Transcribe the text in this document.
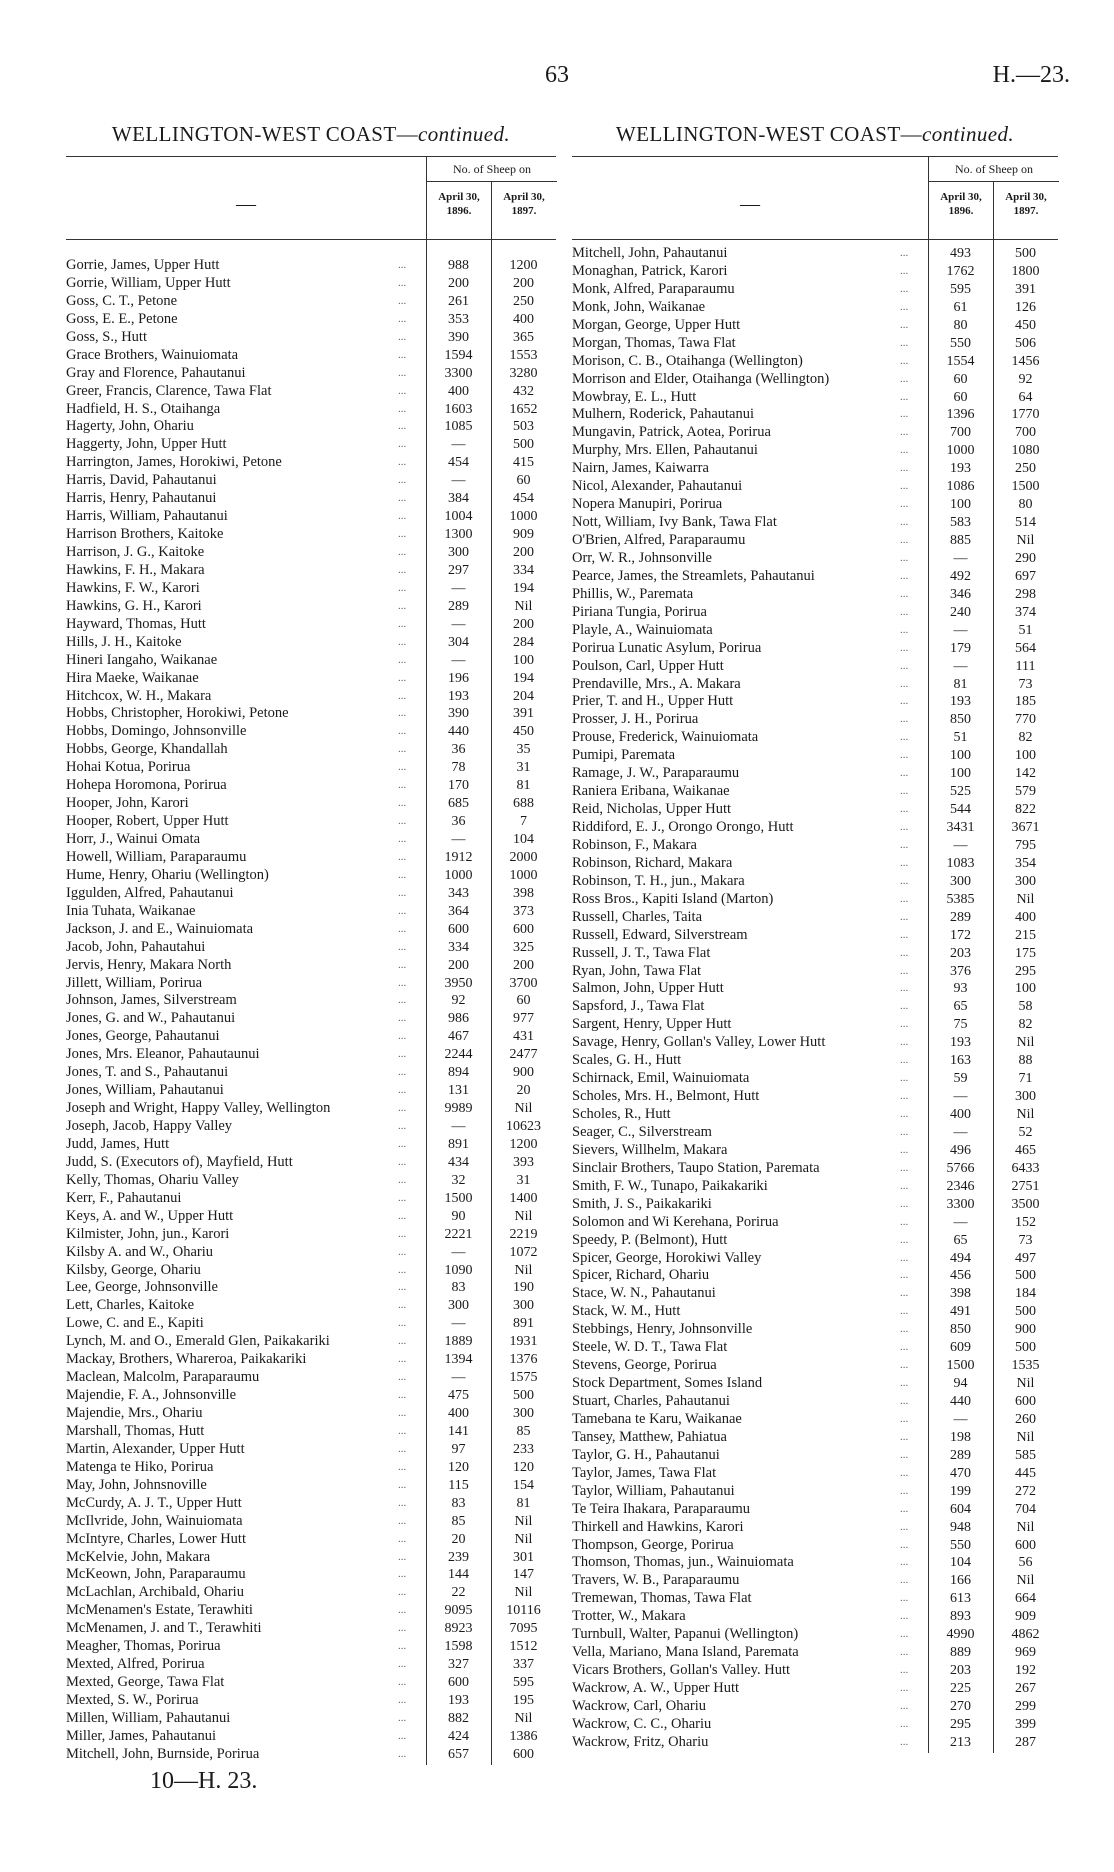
63	H.—23.
WELLINGTON-WEST COAST—continued.
—
No. of Sheep on
April 30, 1896.
April 30, 1897.
Gorrie, James, Upper Hutt	...	988	1200
Gorrie, William, Upper Hutt	...	200	200
Goss, C. T., Petone	...	261	250
Goss, E. E., Petone	...	353	400
Goss, S., Hutt	...	390	365
Grace Brothers, Wainuiomata	...	1594	1553
Gray and Florence, Pahautanui	...	3300	3280
Greer, Francis, Clarence, Tawa Flat	...	400	432
Hadfield, H. S., Otaihanga	...	1603	1652
Hagerty, John, Ohariu	...	1085	503
Haggerty, John, Upper Hutt	...	—	500
Harrington, James, Horokiwi, Petone	...	454	415
Harris, David, Pahautanui	...	—	60
Harris, Henry, Pahautanui	...	384	454
Harris, William, Pahautanui	...	1004	1000
Harrison Brothers, Kaitoke	...	1300	909
Harrison, J. G., Kaitoke	...	300	200
Hawkins, F. H., Makara	...	297	334
Hawkins, F. W., Karori	...	—	194
Hawkins, G. H., Karori	...	289	Nil
Hayward, Thomas, Hutt	...	—	200
Hills, J. H., Kaitoke	...	304	284
Hineri Iangaho, Waikanae	...	—	100
Hira Maeke, Waikanae	...	196	194
Hitchcox, W. H., Makara	...	193	204
Hobbs, Christopher, Horokiwi, Petone	...	390	391
Hobbs, Domingo, Johnsonville	...	440	450
Hobbs, George, Khandallah	...	36	35
Hohai Kotua, Porirua	...	78	31
Hohepa Horomona, Porirua	...	170	81
Hooper, John, Karori	...	685	688
Hooper, Robert, Upper Hutt	...	36	7
Horr, J., Wainui Omata	...	—	104
Howell, William, Paraparaumu	...	1912	2000
Hume, Henry, Ohariu (Wellington)	...	1000	1000
Iggulden, Alfred, Pahautanui	...	343	398
Inia Tuhata, Waikanae	...	364	373
Jackson, J. and E., Wainuiomata	...	600	600
Jacob, John, Pahautahui	...	334	325
Jervis, Henry, Makara North	...	200	200
Jillett, William, Porirua	...	3950	3700
Johnson, James, Silverstream	...	92	60
Jones, G. and W., Pahautanui	...	986	977
Jones, George, Pahautanui	...	467	431
Jones, Mrs. Eleanor, Pahautaunui	...	2244	2477
Jones, T. and S., Pahautanui	...	894	900
Jones, William, Pahautanui	...	131	20
Joseph and Wright, Happy Valley, Wellington	...	9989	Nil
Joseph, Jacob, Happy Valley	...	—	10623
Judd, James, Hutt	...	891	1200
Judd, S. (Executors of), Mayfield, Hutt	...	434	393
Kelly, Thomas, Ohariu Valley	...	32	31
Kerr, F., Pahautanui	...	1500	1400
Keys, A. and W., Upper Hutt	...	90	Nil
Kilmister, John, jun., Karori	...	2221	2219
Kilsby A. and W., Ohariu	...	—	1072
Kilsby, George, Ohariu	...	1090	Nil
Lee, George, Johnsonville	...	83	190
Lett, Charles, Kaitoke	...	300	300
Lowe, C. and E., Kapiti	...	—	891
Lynch, M. and O., Emerald Glen, Paikakariki	...	1889	1931
Mackay, Brothers, Whareroa, Paikakariki	...	1394	1376
Maclean, Malcolm, Paraparaumu	...	—	1575
Majendie, F. A., Johnsonville	...	475	500
Majendie, Mrs., Ohariu	...	400	300
Marshall, Thomas, Hutt	...	141	85
Martin, Alexander, Upper Hutt	...	97	233
Matenga te Hiko, Porirua	...	120	120
May, John, Johnsnoville	...	115	154
McCurdy, A. J. T., Upper Hutt	...	83	81
McIlvride, John, Wainuiomata	...	85	Nil
McIntyre, Charles, Lower Hutt	...	20	Nil
McKelvie, John, Makara	...	239	301
McKeown, John, Paraparaumu	...	144	147
McLachlan, Archibald, Ohariu	...	22	Nil
McMenamen's Estate, Terawhiti	...	9095	10116
McMenamen, J. and T., Terawhiti	...	8923	7095
Meagher, Thomas, Porirua	...	1598	1512
Mexted, Alfred, Porirua	...	327	337
Mexted, George, Tawa Flat	...	600	595
Mexted, S. W., Porirua	...	193	195
Millen, William, Pahautanui	...	882	Nil
Miller, James, Pahautanui	...	424	1386
Mitchell, John, Burnside, Porirua	...	657	600
WELLINGTON-WEST COAST—continued.
—
No. of Sheep on
April 30, 1896.
April 30, 1897.
Mitchell, John, Pahautanui	...	493	500
Monaghan, Patrick, Karori	...	1762	1800
Monk, Alfred, Paraparaumu	...	595	391
Monk, John, Waikanae	...	61	126
Morgan, George, Upper Hutt	...	80	450
Morgan, Thomas, Tawa Flat	...	550	506
Morison, C. B., Otaihanga (Wellington)	...	1554	1456
Morrison and Elder, Otaihanga (Wellington)	...	60	92
Mowbray, E. L., Hutt	...	60	64
Mulhern, Roderick, Pahautanui	...	1396	1770
Mungavin, Patrick, Aotea, Porirua	...	700	700
Murphy, Mrs. Ellen, Pahautanui	...	1000	1080
Nairn, James, Kaiwarra	...	193	250
Nicol, Alexander, Pahautanui	...	1086	1500
Nopera Manupiri, Porirua	...	100	80
Nott, William, Ivy Bank, Tawa Flat	...	583	514
O'Brien, Alfred, Paraparaumu	...	885	Nil
Orr, W. R., Johnsonville	...	—	290
Pearce, James, the Streamlets, Pahautanui	...	492	697
Phillis, W., Paremata	...	346	298
Piriana Tungia, Porirua	...	240	374
Playle, A., Wainuiomata	...	—	51
Porirua Lunatic Asylum, Porirua	...	179	564
Poulson, Carl, Upper Hutt	...	—	111
Prendaville, Mrs., A. Makara	...	81	73
Prier, T. and H., Upper Hutt	...	193	185
Prosser, J. H., Porirua	...	850	770
Prouse, Frederick, Wainuiomata	...	51	82
Pumipi, Paremata	...	100	100
Ramage, J. W., Paraparaumu	...	100	142
Raniera Eribana, Waikanae	...	525	579
Reid, Nicholas, Upper Hutt	...	544	822
Riddiford, E. J., Orongo Orongo, Hutt	...	3431	3671
Robinson, F., Makara	...	—	795
Robinson, Richard, Makara	...	1083	354
Robinson, T. H., jun., Makara	...	300	300
Ross Bros., Kapiti Island (Marton)	...	5385	Nil
Russell, Charles, Taita	...	289	400
Russell, Edward, Silverstream	...	172	215
Russell, J. T., Tawa Flat	...	203	175
Ryan, John, Tawa Flat	...	376	295
Salmon, John, Upper Hutt	...	93	100
Sapsford, J., Tawa Flat	...	65	58
Sargent, Henry, Upper Hutt	...	75	82
Savage, Henry, Gollan's Valley, Lower Hutt	...	193	Nil
Scales, G. H., Hutt	...	163	88
Schirnack, Emil, Wainuiomata	...	59	71
Scholes, Mrs. H., Belmont, Hutt	...	—	300
Scholes, R., Hutt	...	400	Nil
Seager, C., Silverstream	...	—	52
Sievers, Willhelm, Makara	...	496	465
Sinclair Brothers, Taupo Station, Paremata	...	5766	6433
Smith, F. W., Tunapo, Paikakariki	...	2346	2751
Smith, J. S., Paikakariki	...	3300	3500
Solomon and Wi Kerehana, Porirua	...	—	152
Speedy, P. (Belmont), Hutt	...	65	73
Spicer, George, Horokiwi Valley	...	494	497
Spicer, Richard, Ohariu	...	456	500
Stace, W. N., Pahautanui	...	398	184
Stack, W. M., Hutt	...	491	500
Stebbings, Henry, Johnsonville	...	850	900
Steele, W. D. T., Tawa Flat	...	609	500
Stevens, George, Porirua	...	1500	1535
Stock Department, Somes Island	...	94	Nil
Stuart, Charles, Pahautanui	...	440	600
Tamebana te Karu, Waikanae	...	—	260
Tansey, Matthew, Pahiatua	...	198	Nil
Taylor, G. H., Pahautanui	...	289	585
Taylor, James, Tawa Flat	...	470	445
Taylor, William, Pahautanui	...	199	272
Te Teira Ihakara, Paraparaumu	...	604	704
Thirkell and Hawkins, Karori	...	948	Nil
Thompson, George, Porirua	...	550	600
Thomson, Thomas, jun., Wainuiomata	...	104	56
Travers, W. B., Paraparaumu	...	166	Nil
Tremewan, Thomas, Tawa Flat	...	613	664
Trotter, W., Makara	...	893	909
Turnbull, Walter, Papanui (Wellington)	...	4990	4862
Vella, Mariano, Mana Island, Paremata	...	889	969
Vicars Brothers, Gollan's Valley. Hutt	...	203	192
Wackrow, A. W., Upper Hutt	...	225	267
Wackrow, Carl, Ohariu	...	270	299
Wackrow, C. C., Ohariu	...	295	399
Wackrow, Fritz, Ohariu	...	213	287
10—H. 23.
